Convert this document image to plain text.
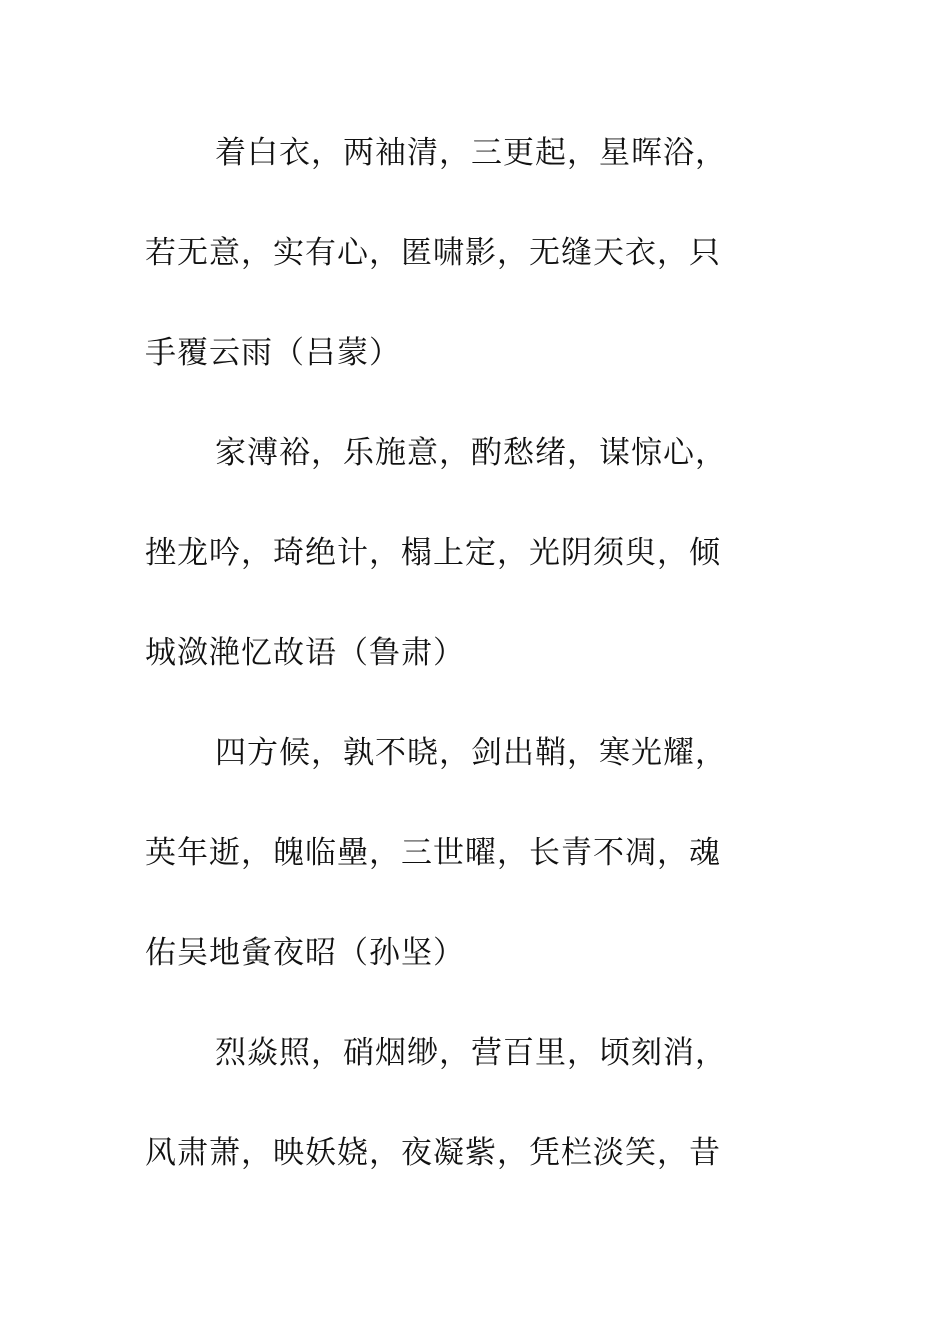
着白衣，两袖清，三更起，星晖浴，
若无意，实有心，匿啸影，无缝天衣，只
手覆云雨（吕蒙）
家溥裕，乐施意，酌愁绪，谋惊心，
挫龙吟，琦绝计，榻上定，光阴须臾，倾
城潋滟忆故语（鲁肃）
四方候，孰不晓，剑出鞘，寒光耀，
英年逝，魄临壘，三世曜，长青不凋，魂
佑吴地夤夜昭（孙坚）
烈焱照，硝烟缈，营百里，顷刻消，
风肃萧，映妖娆，夜凝紫，凭栏淡笑，昔
